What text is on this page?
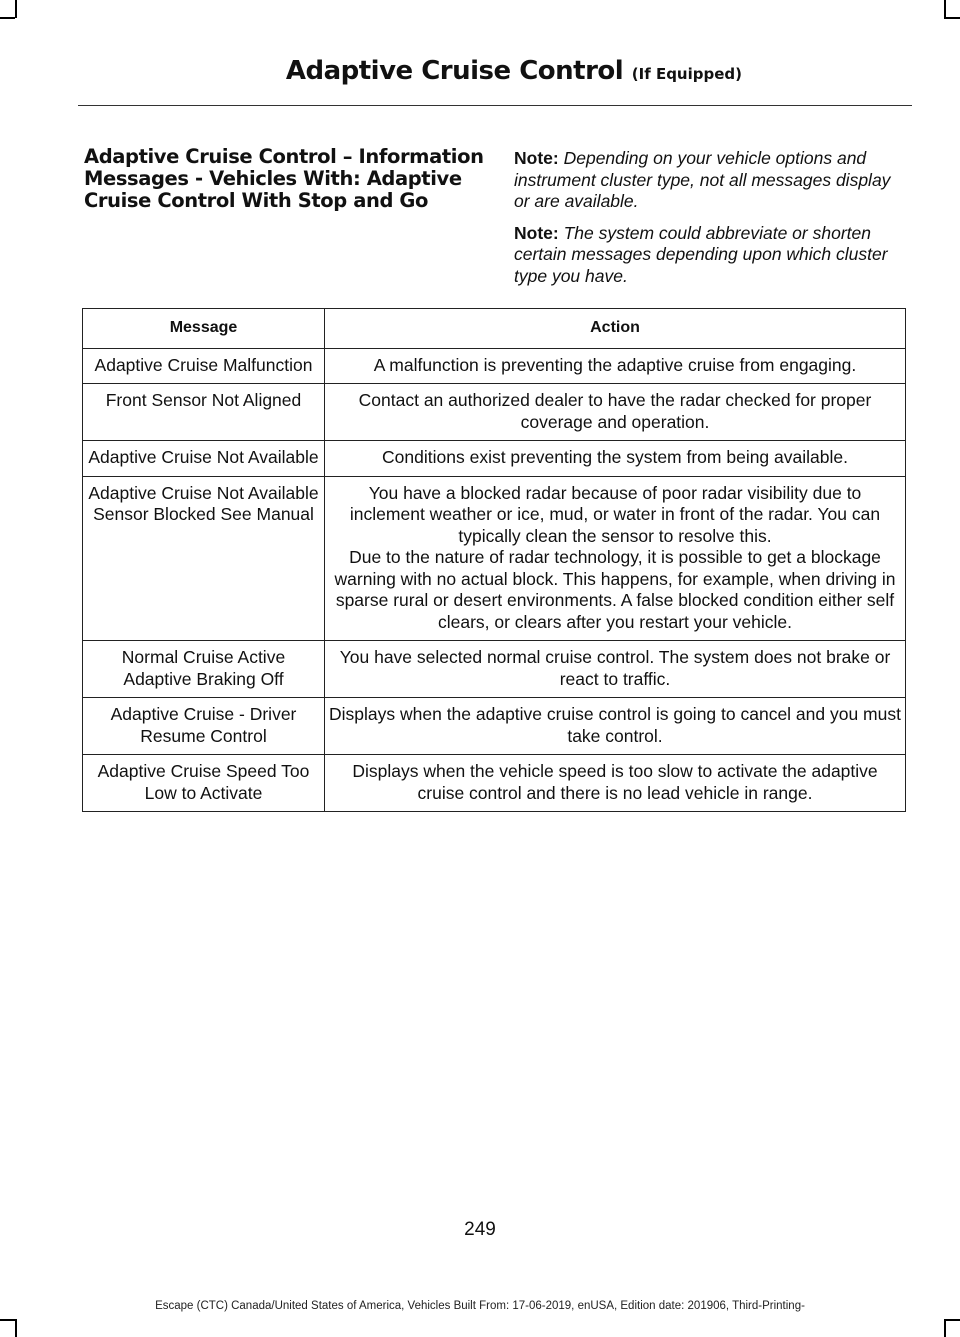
Adaptive Cruise Control (If Equipped)
Adaptive Cruise Control – Information Messages - Vehicles With: Adaptive Cruise Control With Stop and Go

Note: Depending on your vehicle options and instrument cluster type, not all messages display or are available.

Note: The system could abbreviate or shorten certain messages depending upon which cluster type you have.

Message	Action
Adaptive Cruise Malfunction	A malfunction is preventing the adaptive cruise from engaging.

Front Sensor Not Aligned	Contact an authorized dealer to have the radar checked for proper coverage and operation.

Adaptive Cruise Not Available	Conditions exist preventing the system from being available.

Adaptive Cruise Not Available Sensor Blocked See Manual	You have a blocked radar because of poor radar visibility due to inclement weather or ice, mud, or water in front of the radar. You can typically clean the sensor to resolve this.
Due to the nature of radar technology, it is possible to get a blockage warning with no actual block. This happens, for example, when driving in sparse rural or desert environments. A false blocked condition either self clears, or clears after you restart your vehicle.

Normal Cruise Active Adaptive Braking Off	You have selected normal cruise control. The system does not brake or react to traffic.

Adaptive Cruise - Driver Resume Control	Displays when the adaptive cruise control is going to cancel and you must take control.

Adaptive Cruise Speed Too Low to Activate	Displays when the vehicle speed is too slow to activate the adaptive cruise control and there is no lead vehicle in range.
249
Escape (CTC) Canada/United States of America, Vehicles Built From: 17-06-2019, enUSA, Edition date: 201906, Third-Printing-
